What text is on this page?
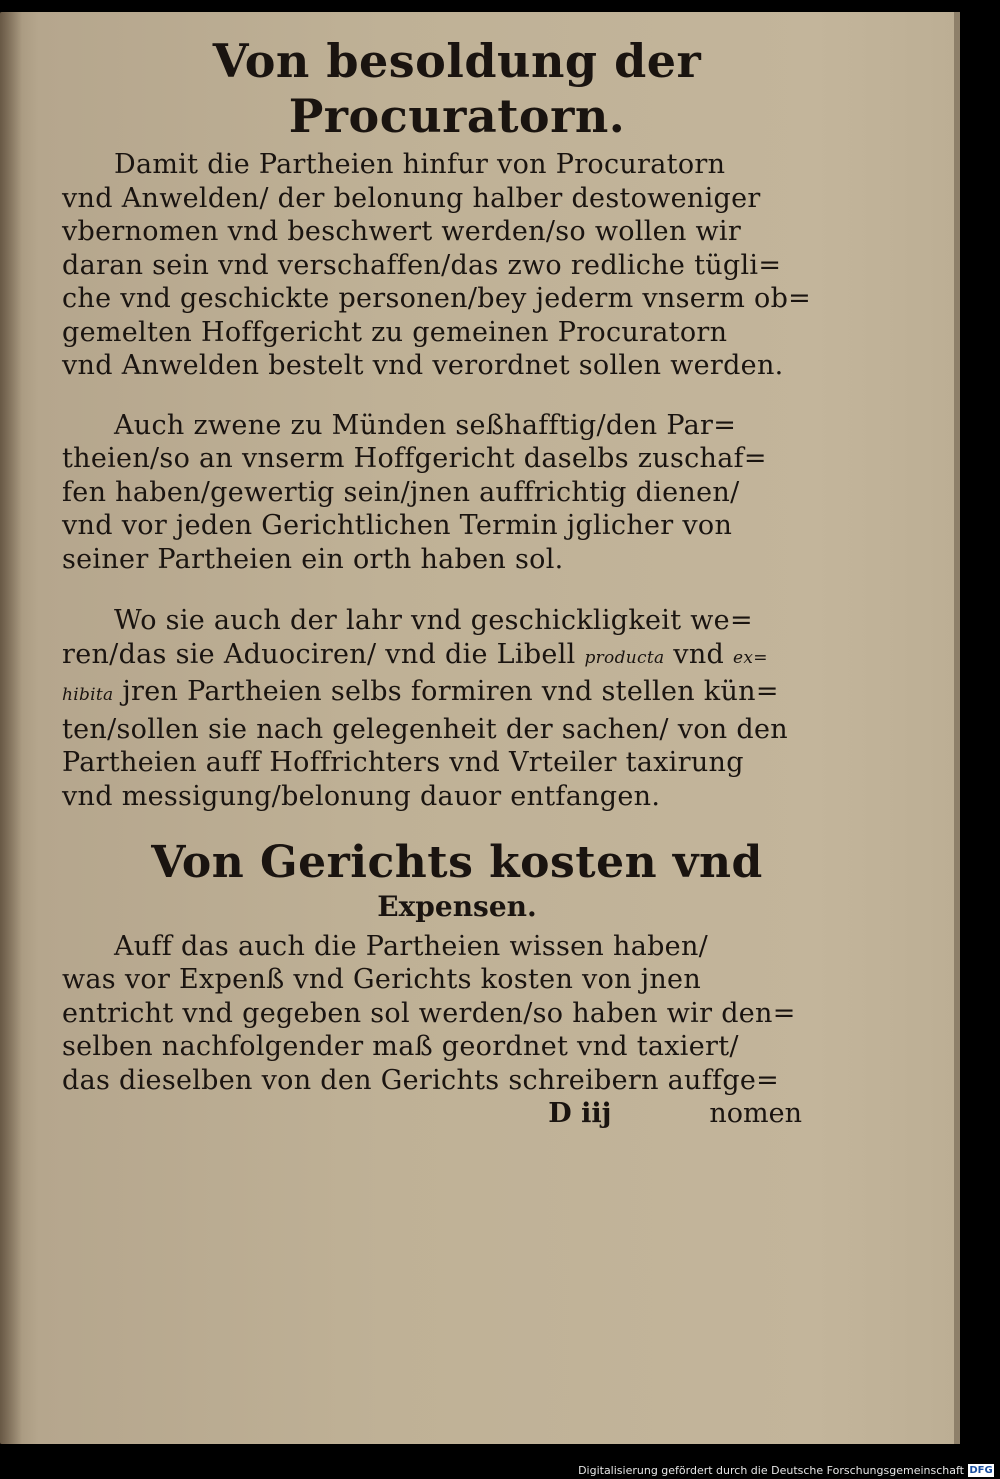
Von besoldung der Procuratorn.
Damit die Partheien hinfur von Procuratorn
vnd Anwelden/ der belonung halber destoweniger
vbernomen vnd beschwert werden/so wollen wir
daran sein vnd verschaffen/das zwo redliche tügli=
che vnd geschickte personen/bey jederm vnserm ob=
gemelten Hoffgericht zu gemeinen Procuratorn
vnd Anwelden bestelt vnd verordnet sollen werden.
Auch zwene zu Münden seßhafftig/den Par=
theien/so an vnserm Hoffgericht daselbs zuschaf=
fen haben/gewertig sein/jnen auffrichtig dienen/
vnd vor jeden Gerichtlichen Termin jglicher von
seiner Partheien ein orth haben sol.
Wo sie auch der lahr vnd geschickligkeit we=
ren/das sie Aduociren/ vnd die Libell producta vnd ex=
hibita jren Partheien selbs formiren vnd stellen kün=
ten/sollen sie nach gelegenheit der sachen/ von den
Partheien auff Hoffrichters vnd Vrteiler taxirung
vnd messigung/belonung dauor entfangen.
Von Gerichts kosten vnd
Expensen.
Auff das auch die Partheien wissen haben/
was vor Expenß vnd Gerichts kosten von jnen
entricht vnd gegeben sol werden/so haben wir den=
selben nachfolgender maß geordnet vnd taxiert/
das dieselben von den Gerichts schreibern auffge=
D iij	nomen
Digitalisierung gefördert durch die Deutsche Forschungsgemeinschaft DFG
